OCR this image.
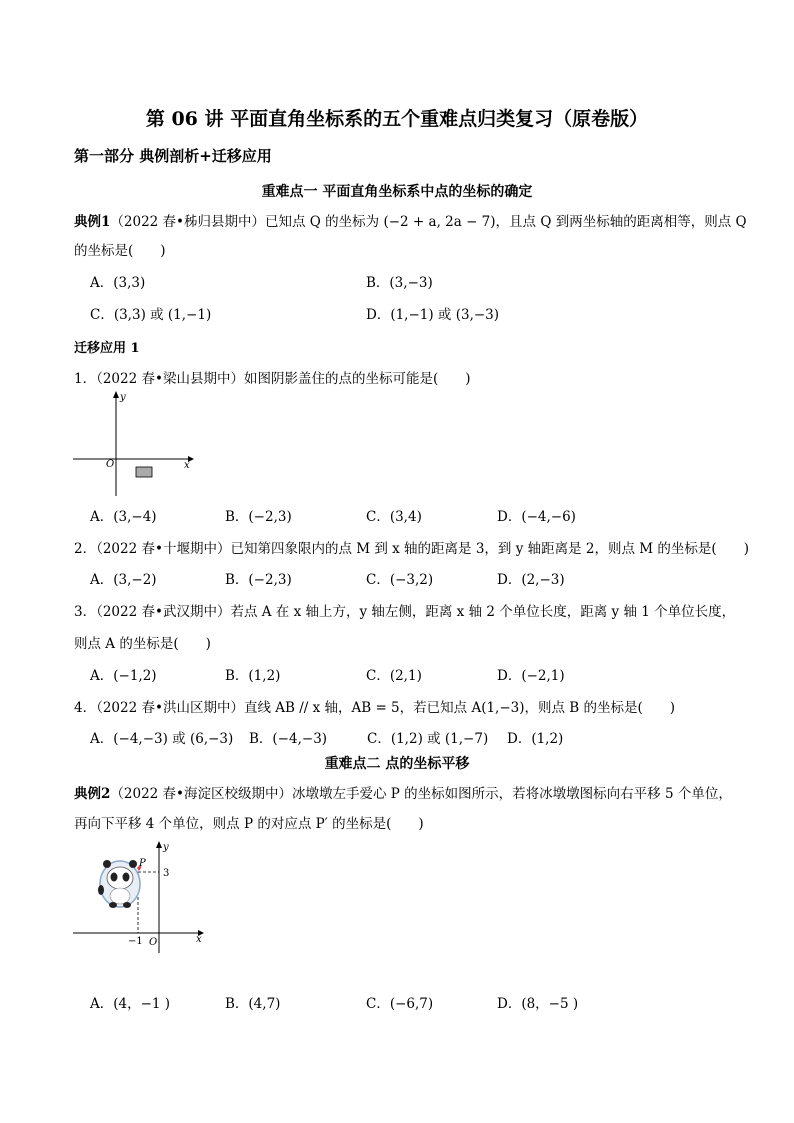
第 06 讲 平面直角坐标系的五个重难点归类复习（原卷版）
第一部分 典例剖析+迁移应用
重难点一 平面直角坐标系中点的坐标的确定
典例1（2022 春•秭归县期中）已知点 Q 的坐标为 (−2 + a, 2a − 7)，且点 Q 到两坐标轴的距离相等，则点 Q
的坐标是(　　)
A．(3,3)	B．(3,−3)
C．(3,3) 或 (1,−1)	D．(1,−1) 或 (3,−3)
迁移应用 1
1．（2022 春•梁山县期中）如图阴影盖住的点的坐标可能是(　　)
y
x
O
A．(3,−4)	B．(−2,3)	C．(3,4)	D．(−4,−6)
2．（2022 春•十堰期中）已知第四象限内的点 M 到 x 轴的距离是 3，到 y 轴距离是 2，则点 M 的坐标是(　　)
A．(3,−2)	B．(−2,3)	C．(−3,2)	D．(2,−3)
3．（2022 春•武汉期中）若点 A 在 x 轴上方，y 轴左侧，距离 x 轴 2 个单位长度，距离 y 轴 1 个单位长度，
则点 A 的坐标是(　　)
A．(−1,2)	B．(1,2)	C．(2,1)	D．(−2,1)
4．（2022 春•洪山区期中）直线 AB // x 轴，AB = 5，若已知点 A(1,−3)，则点 B 的坐标是(　　)
A．(−4,−3) 或 (6,−3) B．(−4,−3)	C．(1,2) 或 (1,−7) D．(1,2)
重难点二 点的坐标平移
典例2（2022 春•海淀区校级期中）冰墩墩左手爱心 P 的坐标如图所示，若将冰墩墩图标向右平移 5 个单位，
再向下平移 4 个单位，则点 P 的对应点 P′ 的坐标是(　　)
P
3
−1 O	x
y
A．(4，−1 )	B．(4,7)	C．(−6,7)	D．(8，−5 )
